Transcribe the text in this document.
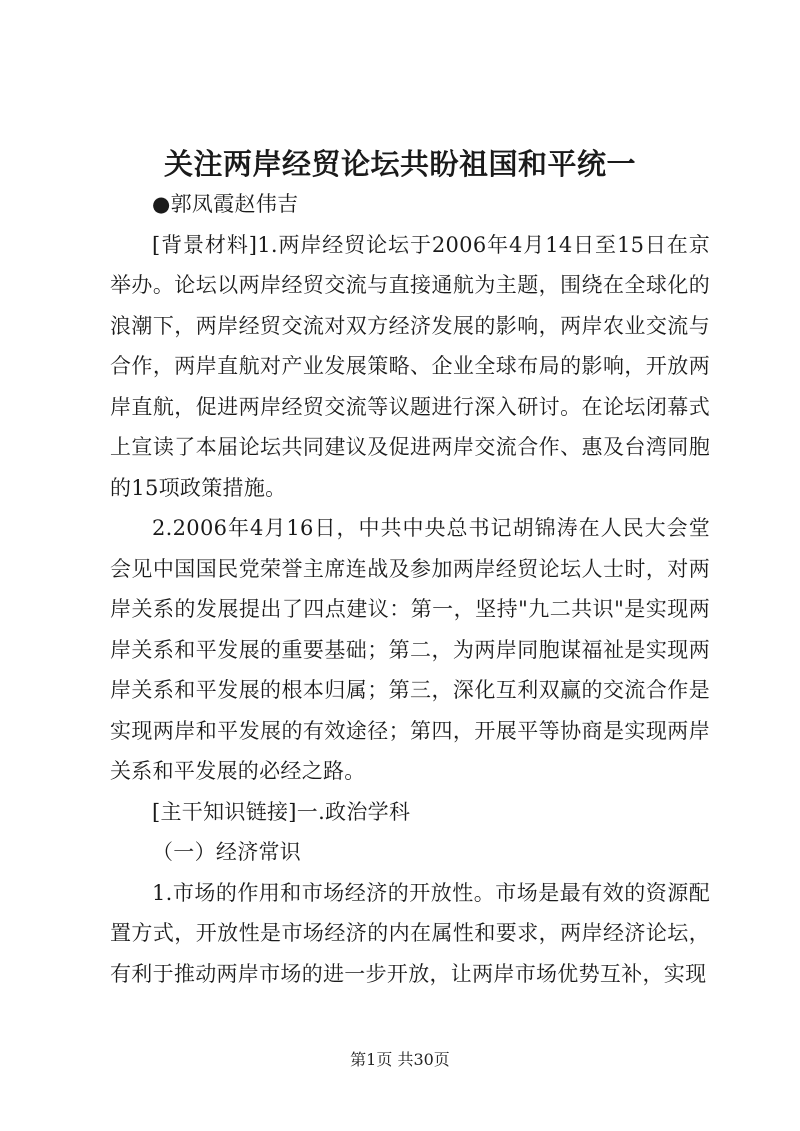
关注两岸经贸论坛共盼祖国和平统一

●郭凤霞赵伟吉

[背景材料]1.两岸经贸论坛于2006年4月14日至15日在京举办。论坛以两岸经贸交流与直接通航为主题，围绕在全球化的浪潮下，两岸经贸交流对双方经济发展的影响，两岸农业交流与合作，两岸直航对产业发展策略、企业全球布局的影响，开放两岸直航，促进两岸经贸交流等议题进行深入研讨。在论坛闭幕式上宣读了本届论坛共同建议及促进两岸交流合作、惠及台湾同胞的15项政策措施。

2.2006年4月16日，中共中央总书记胡锦涛在人民大会堂会见中国国民党荣誉主席连战及参加两岸经贸论坛人士时，对两岸关系的发展提出了四点建议：第一，坚持"九二共识"是实现两岸关系和平发展的重要基础；第二，为两岸同胞谋福祉是实现两岸关系和平发展的根本归属；第三，深化互利双赢的交流合作是实现两岸和平发展的有效途径；第四，开展平等协商是实现两岸关系和平发展的必经之路。

[主干知识链接]一.政治学科

（一）经济常识

1.市场的作用和市场经济的开放性。市场是最有效的资源配置方式，开放性是市场经济的内在属性和要求，两岸经济论坛，有利于推动两岸市场的进一步开放，让两岸市场优势互补，实现

第1页 共30页
